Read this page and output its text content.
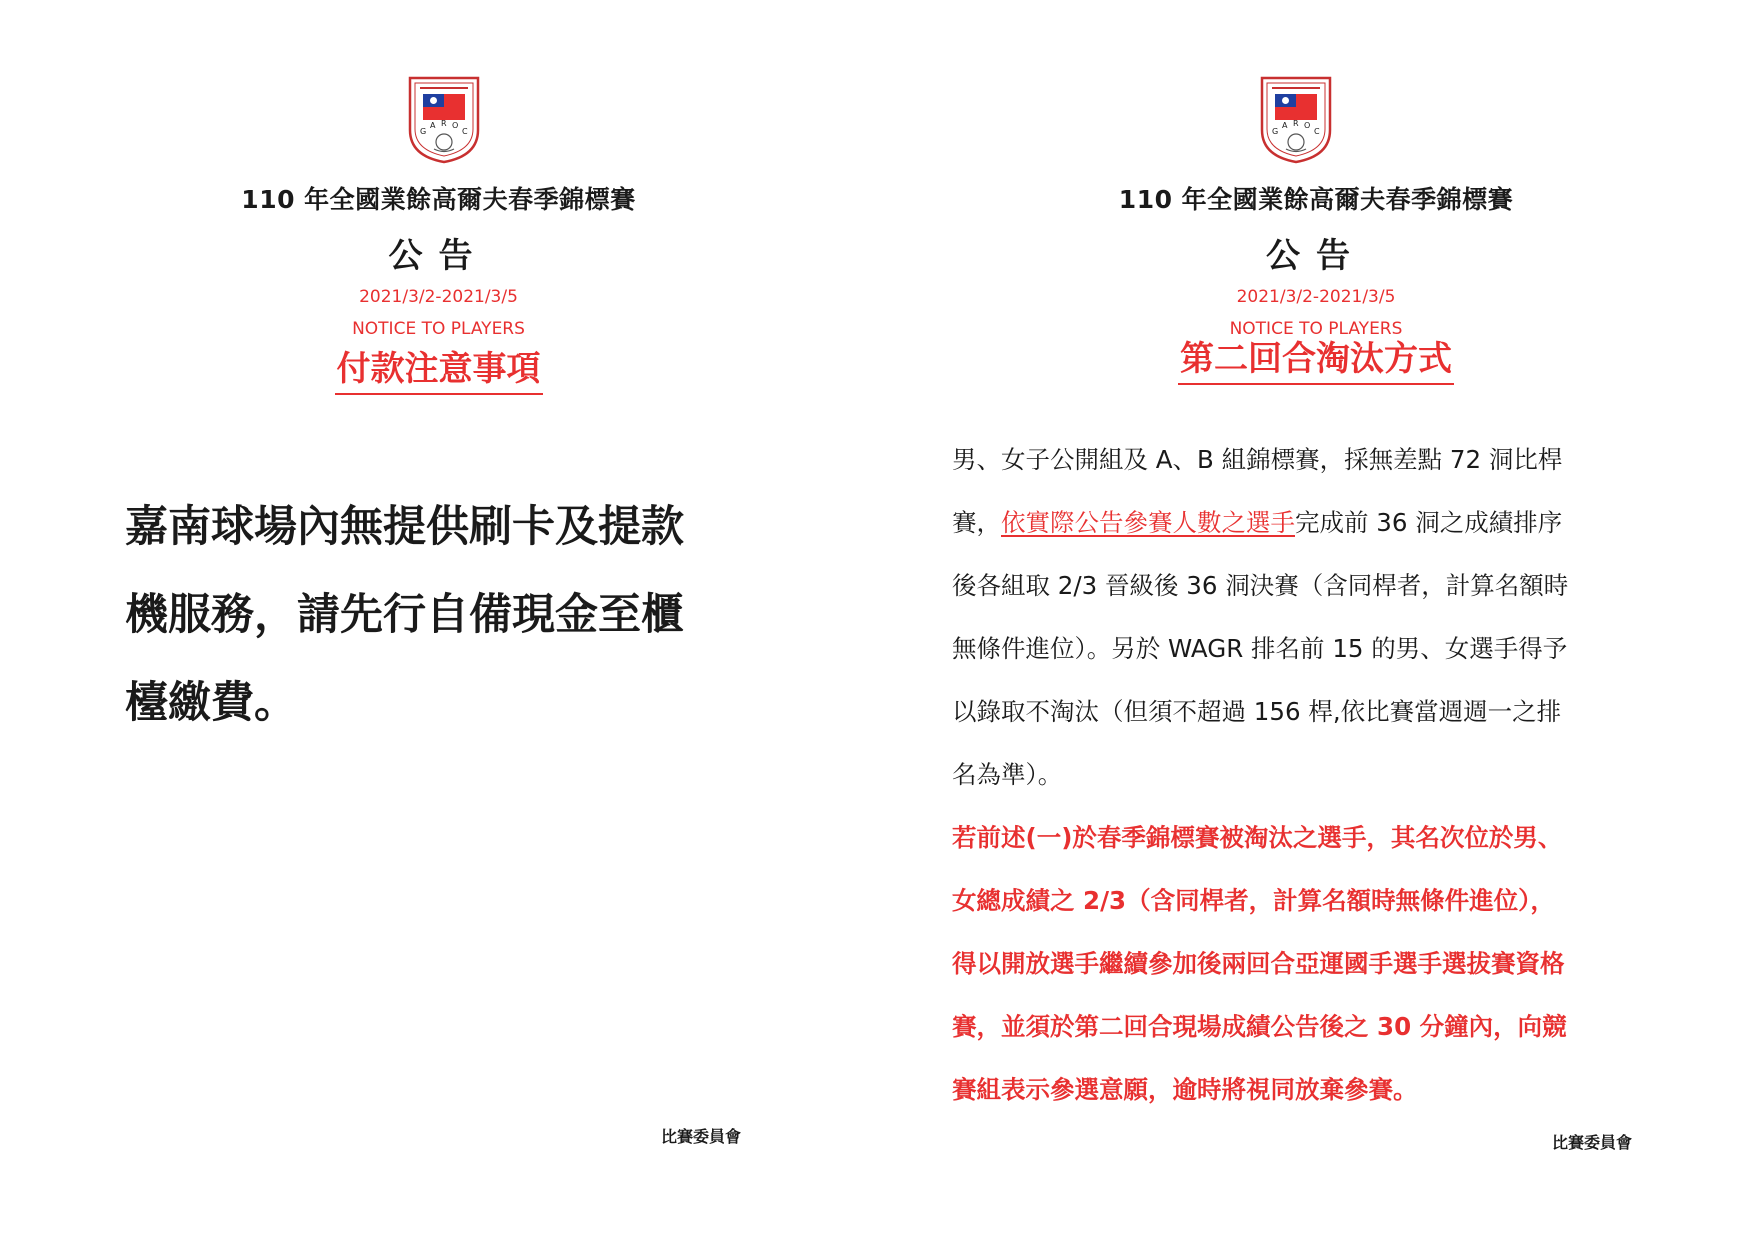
G
A R O
C
110 年全國業餘高爾夫春季錦標賽
公告
2021/3/2-2021/3/5
NOTICE TO PLAYERS
付款注意事項
嘉南球場內無提供刷卡及提款
機服務，請先行自備現金至櫃
檯繳費。
比賽委員會
G
A R O
C
110 年全國業餘高爾夫春季錦標賽
公告
2021/3/2-2021/3/5
NOTICE TO PLAYERS
第二回合淘汰方式
男、女子公開組及 A、B 組錦標賽，採無差點 72 洞比桿
賽，依實際公告參賽人數之選手完成前 36 洞之成績排序
後各組取 2/3 晉級後 36 洞決賽（含同桿者，計算名額時
無條件進位）。另於 WAGR 排名前 15 的男、女選手得予
以錄取不淘汰（但須不超過 156 桿,依比賽當週週一之排
名為準）。
若前述(一)於春季錦標賽被淘汰之選手，其名次位於男、
女總成績之 2/3（含同桿者，計算名額時無條件進位），
得以開放選手繼續參加後兩回合亞運國手選手選拔賽資格
賽，並須於第二回合現場成績公告後之 30 分鐘內，向競
賽組表示參選意願，逾時將視同放棄參賽。
比賽委員會
